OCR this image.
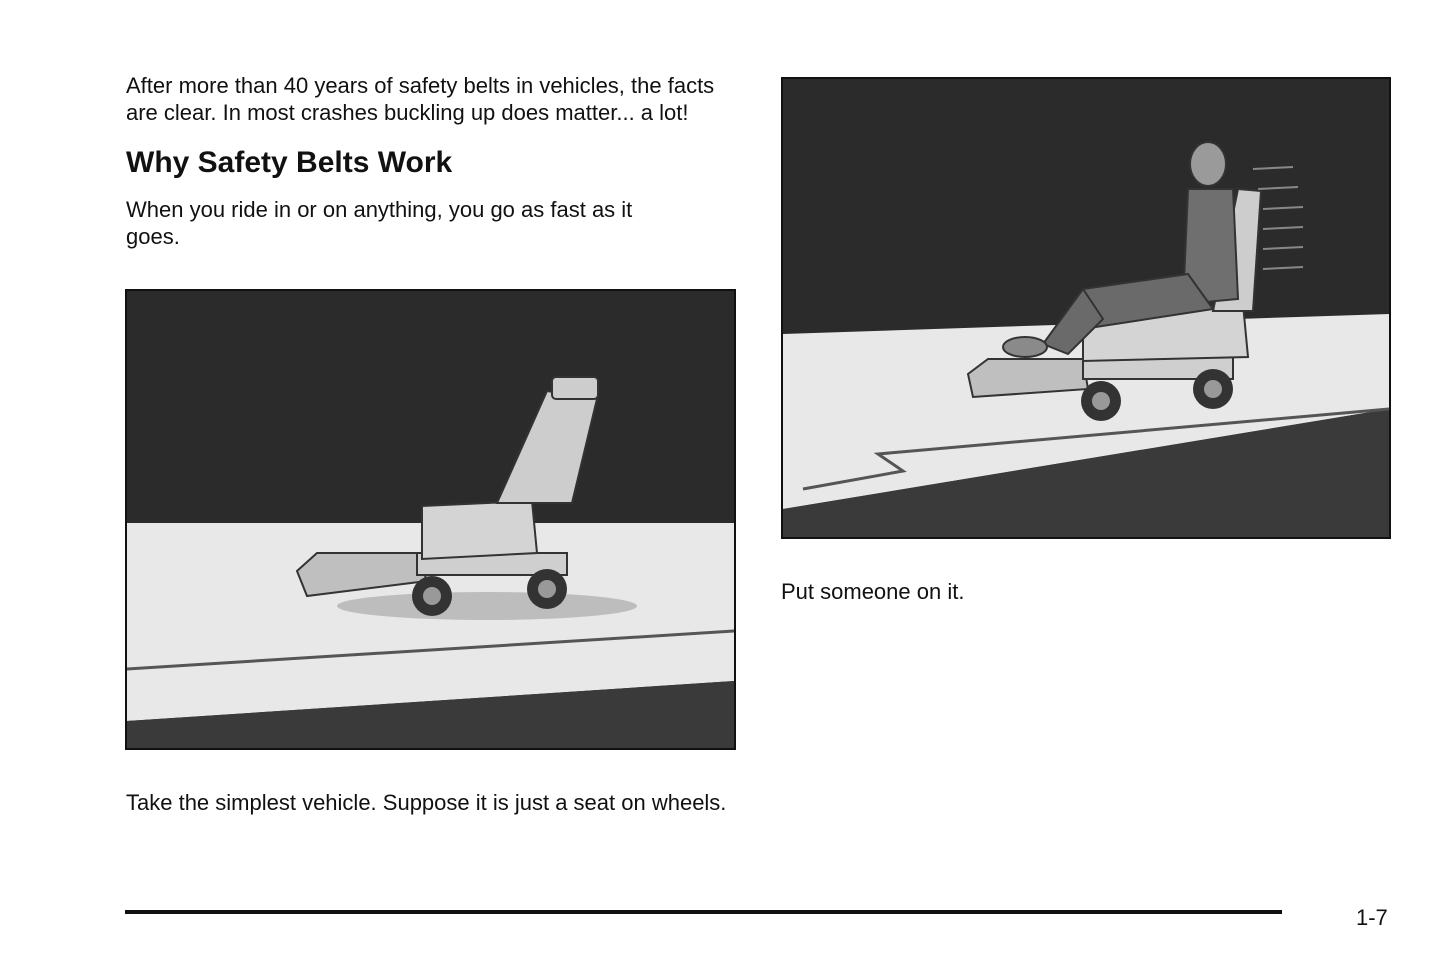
After more than 40 years of safety belts in vehicles, the facts are clear. In most crashes buckling up does matter... a lot!

Why Safety Belts Work

When you ride in or on anything, you go as fast as it goes.

Take the simplest vehicle. Suppose it is just a seat on wheels.
Put someone on it.
1-7
